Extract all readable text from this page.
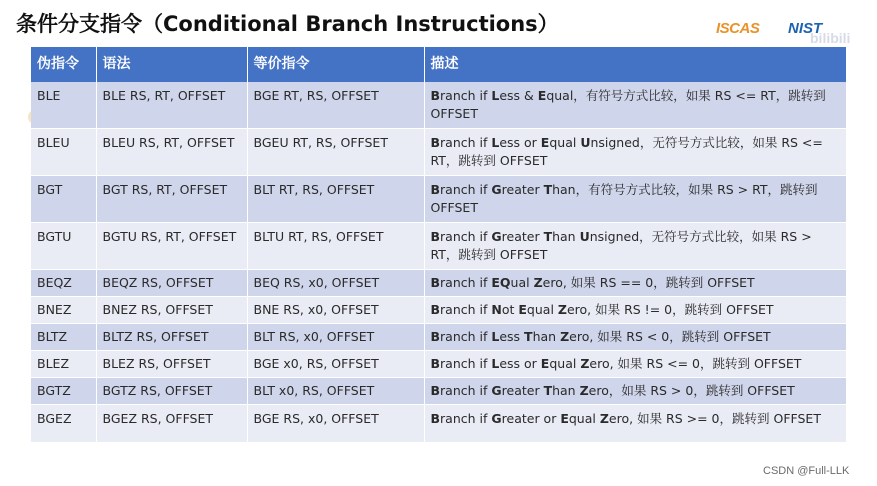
条件分支指令（Conditional Branch Instructions）	ISCAS NIST
bilibili
伪指令	语法	等价指令	描述
BLE	BLE RS, RT, OFFSET	BGE RT, RS, OFFSET	Branch if Less & Equal，有符号方式比较，如果 RS <= RT，跳转到 OFFSET
BLEU	BLEU RS, RT, OFFSET	BGEU RT, RS, OFFSET	Branch if Less or Equal Unsigned，无符号方式比较，如果 RS <= RT，跳转到 OFFSET
BGT	BGT RS, RT, OFFSET	BLT RT, RS, OFFSET	Branch if Greater Than，有符号方式比较，如果 RS > RT，跳转到 OFFSET
BGTU	BGTU RS, RT, OFFSET	BLTU RT, RS, OFFSET	Branch if Greater Than Unsigned，无符号方式比较，如果 RS > RT，跳转到 OFFSET
BEQZ	BEQZ RS, OFFSET	BEQ RS, x0, OFFSET	Branch if EQual Zero, 如果 RS == 0，跳转到 OFFSET
BNEZ	BNEZ RS, OFFSET	BNE RS, x0, OFFSET	Branch if Not Equal Zero, 如果 RS != 0，跳转到 OFFSET
BLTZ	BLTZ RS, OFFSET	BLT RS, x0, OFFSET	Branch if Less Than Zero, 如果 RS < 0，跳转到 OFFSET
BLEZ	BLEZ RS, OFFSET	BGE x0, RS, OFFSET	Branch if Less or Equal Zero, 如果 RS <= 0，跳转到 OFFSET
BGTZ	BGTZ RS, OFFSET	BLT x0, RS, OFFSET	Branch if Greater Than Zero，如果 RS > 0，跳转到 OFFSET
BGEZ	BGEZ RS, OFFSET	BGE RS, x0, OFFSET	Branch if Greater or Equal Zero, 如果 RS >= 0，跳转到 OFFSET
CSDN @Full-LLK
